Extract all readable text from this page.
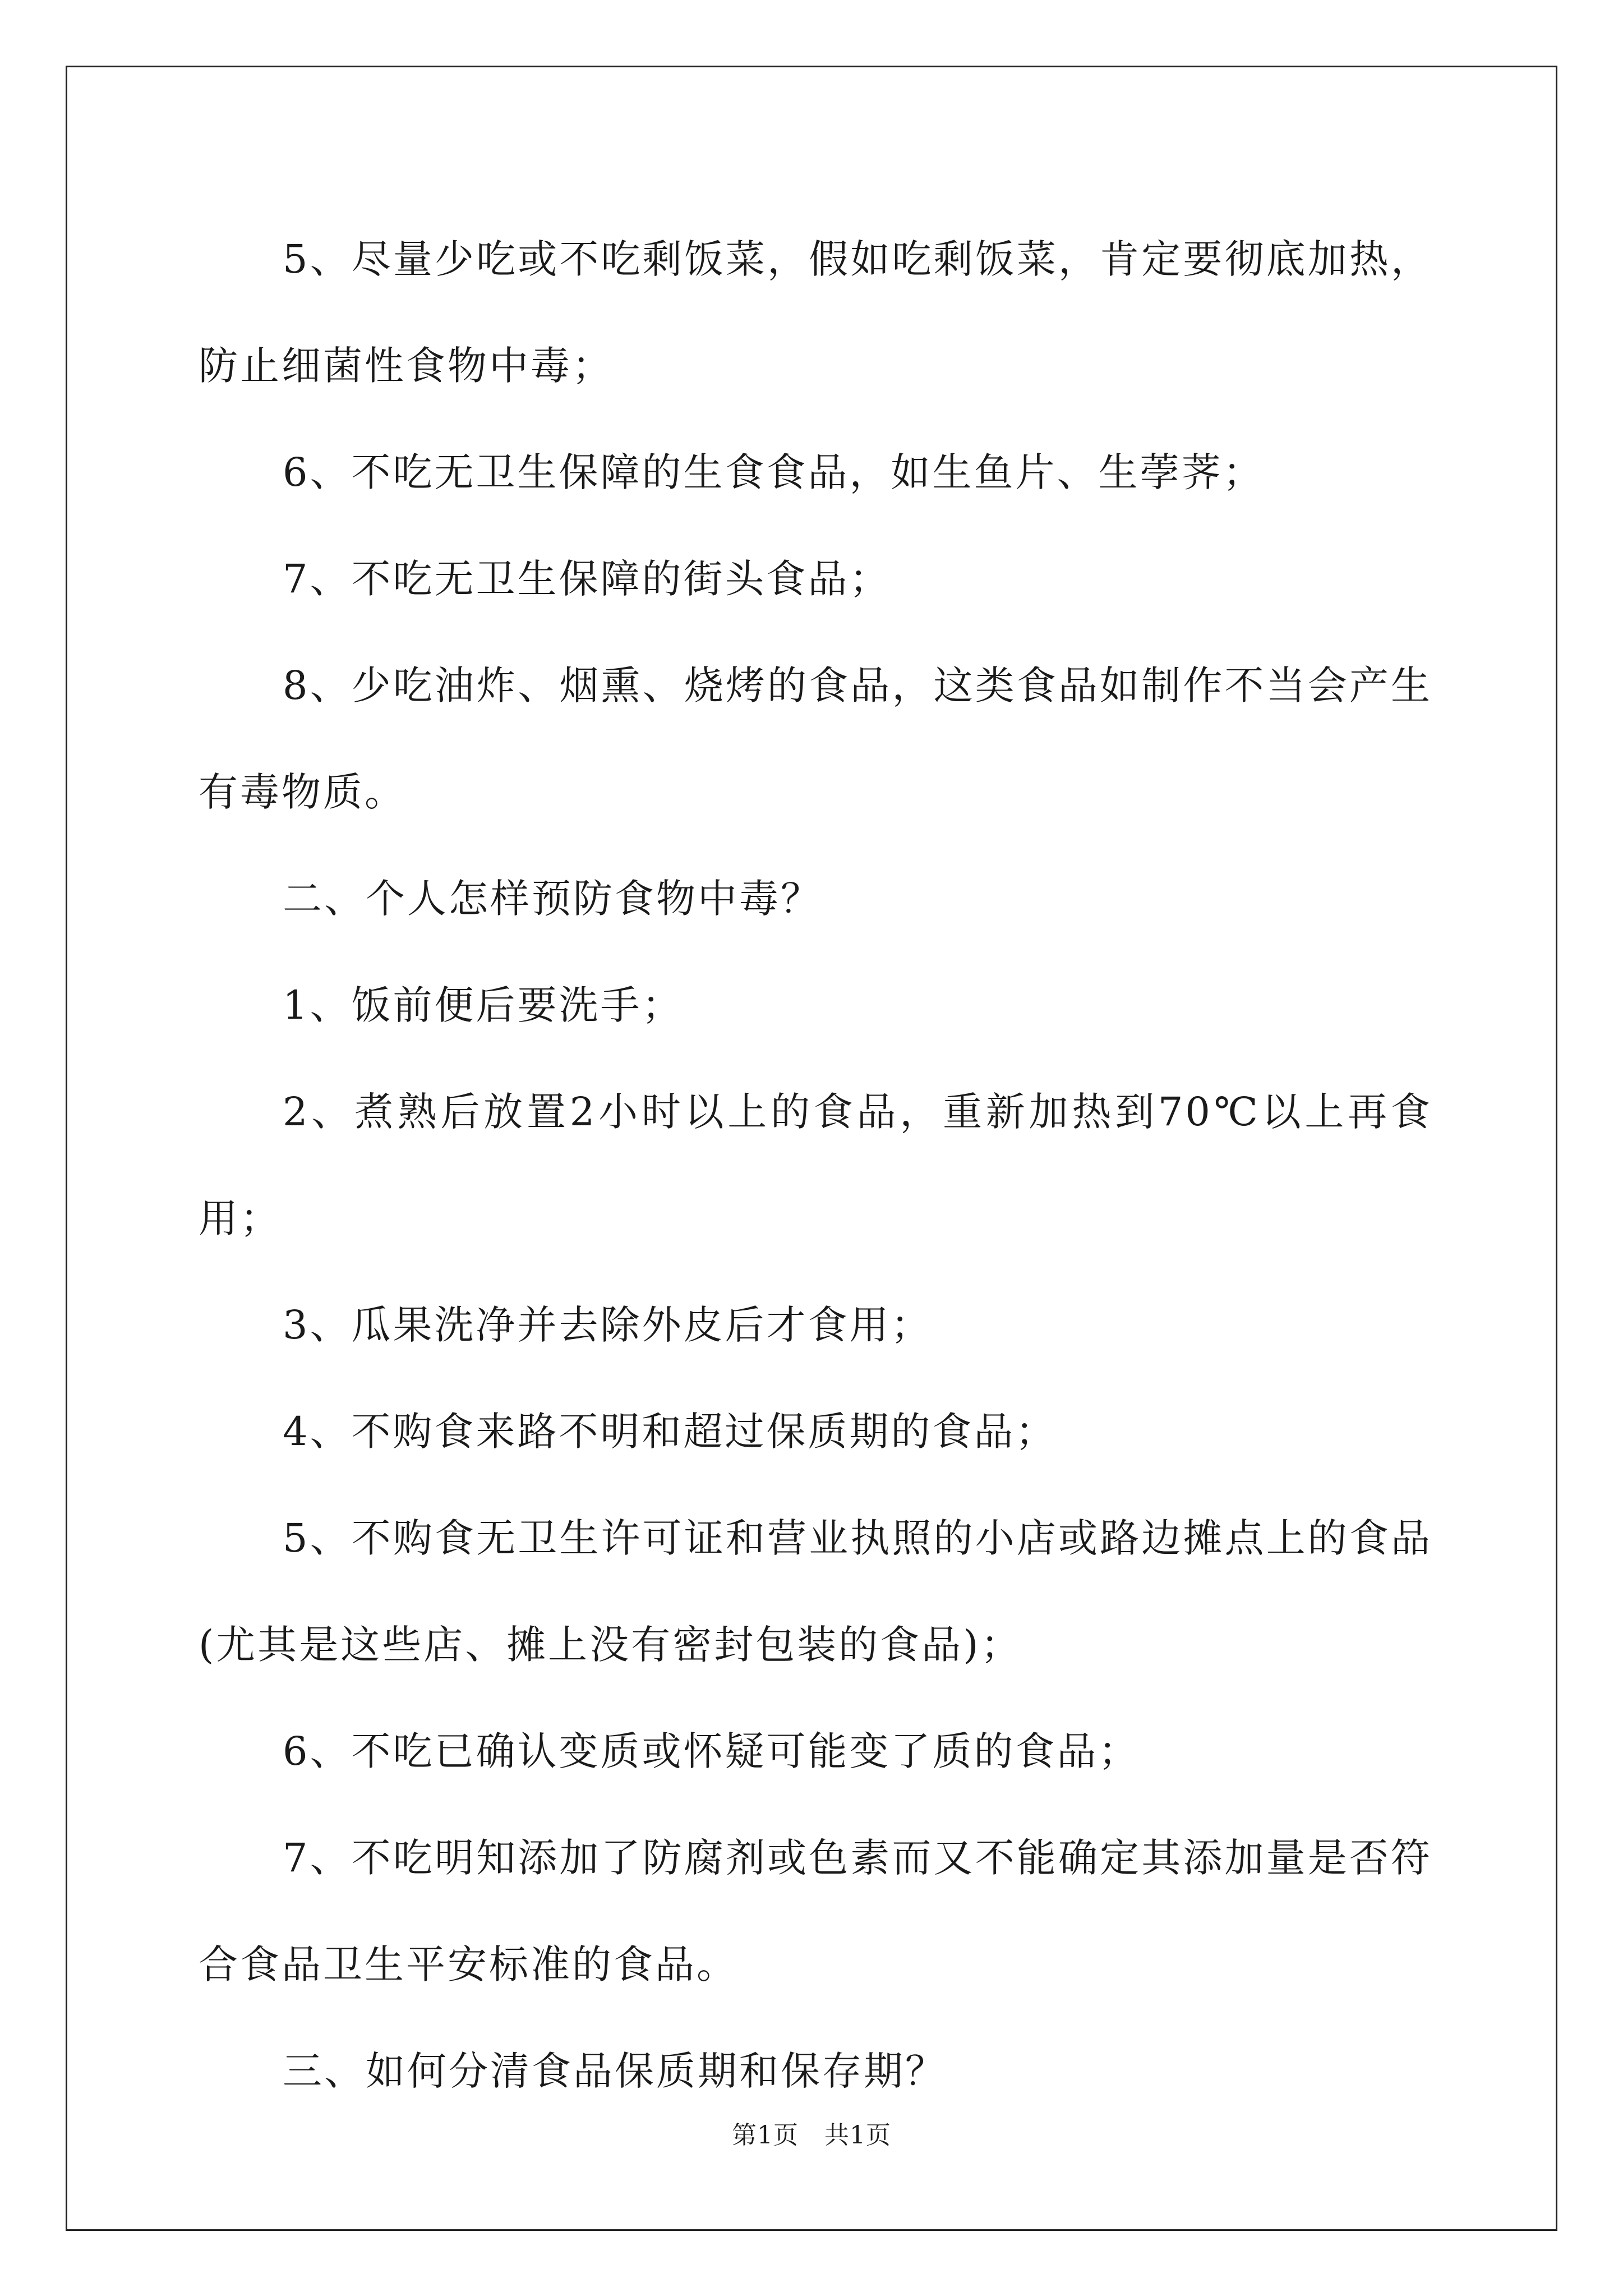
5、尽量少吃或不吃剩饭菜，假如吃剩饭菜，肯定要彻底加热，防止细菌性食物中毒；

6、不吃无卫生保障的生食食品，如生鱼片、生荸荠；

7、不吃无卫生保障的街头食品；

8、少吃油炸、烟熏、烧烤的食品，这类食品如制作不当会产生有毒物质。

二、个人怎样预防食物中毒？

1、饭前便后要洗手；

2、煮熟后放置2小时以上的食品，重新加热到70℃以上再食用；

3、瓜果洗净并去除外皮后才食用；

4、不购食来路不明和超过保质期的食品；

5、不购食无卫生许可证和营业执照的小店或路边摊点上的食品(尤其是这些店、摊上没有密封包装的食品)；

6、不吃已确认变质或怀疑可能变了质的食品；

7、不吃明知添加了防腐剂或色素而又不能确定其添加量是否符合食品卫生平安标准的食品。

三、如何分清食品保质期和保存期？

第1页 共1页
